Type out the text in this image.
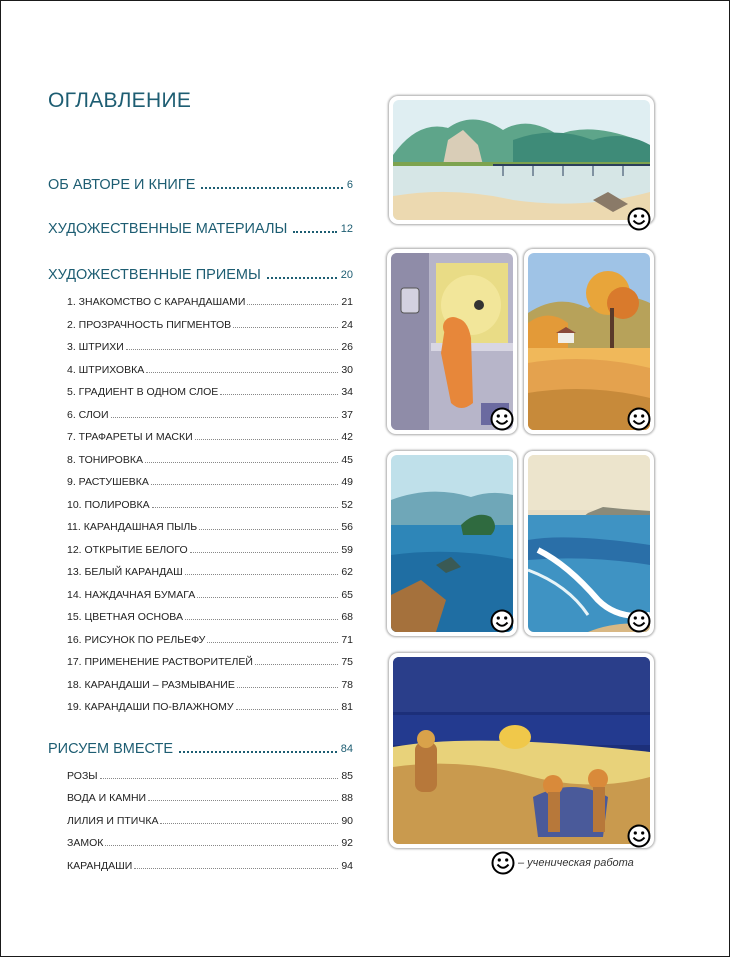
ОГЛАВЛЕНИЕ
ОБ АВТОРЕ И КНИГЕ	6
ХУДОЖЕСТВЕННЫЕ МАТЕРИАЛЫ	12
ХУДОЖЕСТВЕННЫЕ ПРИЕМЫ	20
1. ЗНАКОМСТВО С КАРАНДАШАМИ	21
2. ПРОЗРАЧНОСТЬ ПИГМЕНТОВ	24
3. ШТРИХИ	26
4. ШТРИХОВКА	30
5. ГРАДИЕНТ В ОДНОМ СЛОЕ	34
6. СЛОИ	37
7. ТРАФАРЕТЫ И МАСКИ	42
8. ТОНИРОВКА	45
9. РАСТУШЕВКА	49
10. ПОЛИРОВКА	52
11. КАРАНДАШНАЯ ПЫЛЬ	56
12. ОТКРЫТИЕ БЕЛОГО	59
13. БЕЛЫЙ КАРАНДАШ	62
14. НАЖДАЧНАЯ БУМАГА	65
15. ЦВЕТНАЯ ОСНОВА	68
16. РИСУНОК ПО РЕЛЬЕФУ	71
17. ПРИМЕНЕНИЕ РАСТВОРИТЕЛЕЙ	75
18. КАРАНДАШИ – РАЗМЫВАНИЕ	78
19. КАРАНДАШИ ПО-ВЛАЖНОМУ	81
РИСУЕМ ВМЕСТЕ	84
РОЗЫ	85
ВОДА И КАМНИ	88
ЛИЛИЯ И ПТИЧКА	90
ЗАМОК	92
КАРАНДАШИ	94	– ученическая работа
